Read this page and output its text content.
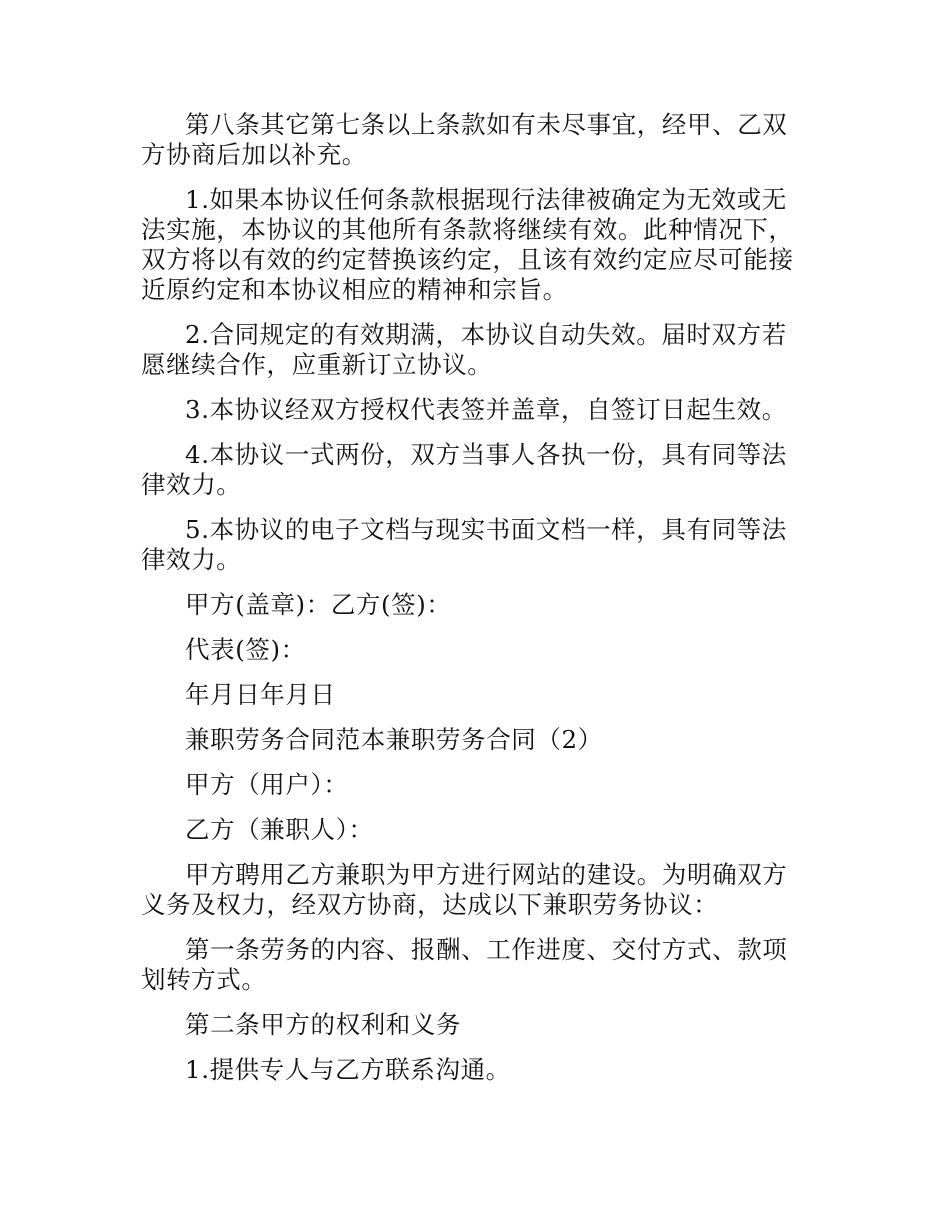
第八条其它第七条以上条款如有未尽事宜，经甲、乙双方协商后加以补充。

1.如果本协议任何条款根据现行法律被确定为无效或无法实施，本协议的其他所有条款将继续有效。此种情况下，双方将以有效的约定替换该约定，且该有效约定应尽可能接近原约定和本协议相应的精神和宗旨。

2.合同规定的有效期满，本协议自动失效。届时双方若愿继续合作，应重新订立协议。

3.本协议经双方授权代表签并盖章，自签订日起生效。

4.本协议一式两份，双方当事人各执一份，具有同等法律效力。

5.本协议的电子文档与现实书面文档一样，具有同等法律效力。

甲方(盖章)：乙方(签)：

代表(签)：

年月日年月日

兼职劳务合同范本兼职劳务合同（2）

甲方（用户）：

乙方（兼职人）：

甲方聘用乙方兼职为甲方进行网站的建设。为明确双方义务及权力，经双方协商，达成以下兼职劳务协议：

第一条劳务的内容、报酬、工作进度、交付方式、款项划转方式。

第二条甲方的权利和义务

1.提供专人与乙方联系沟通。
